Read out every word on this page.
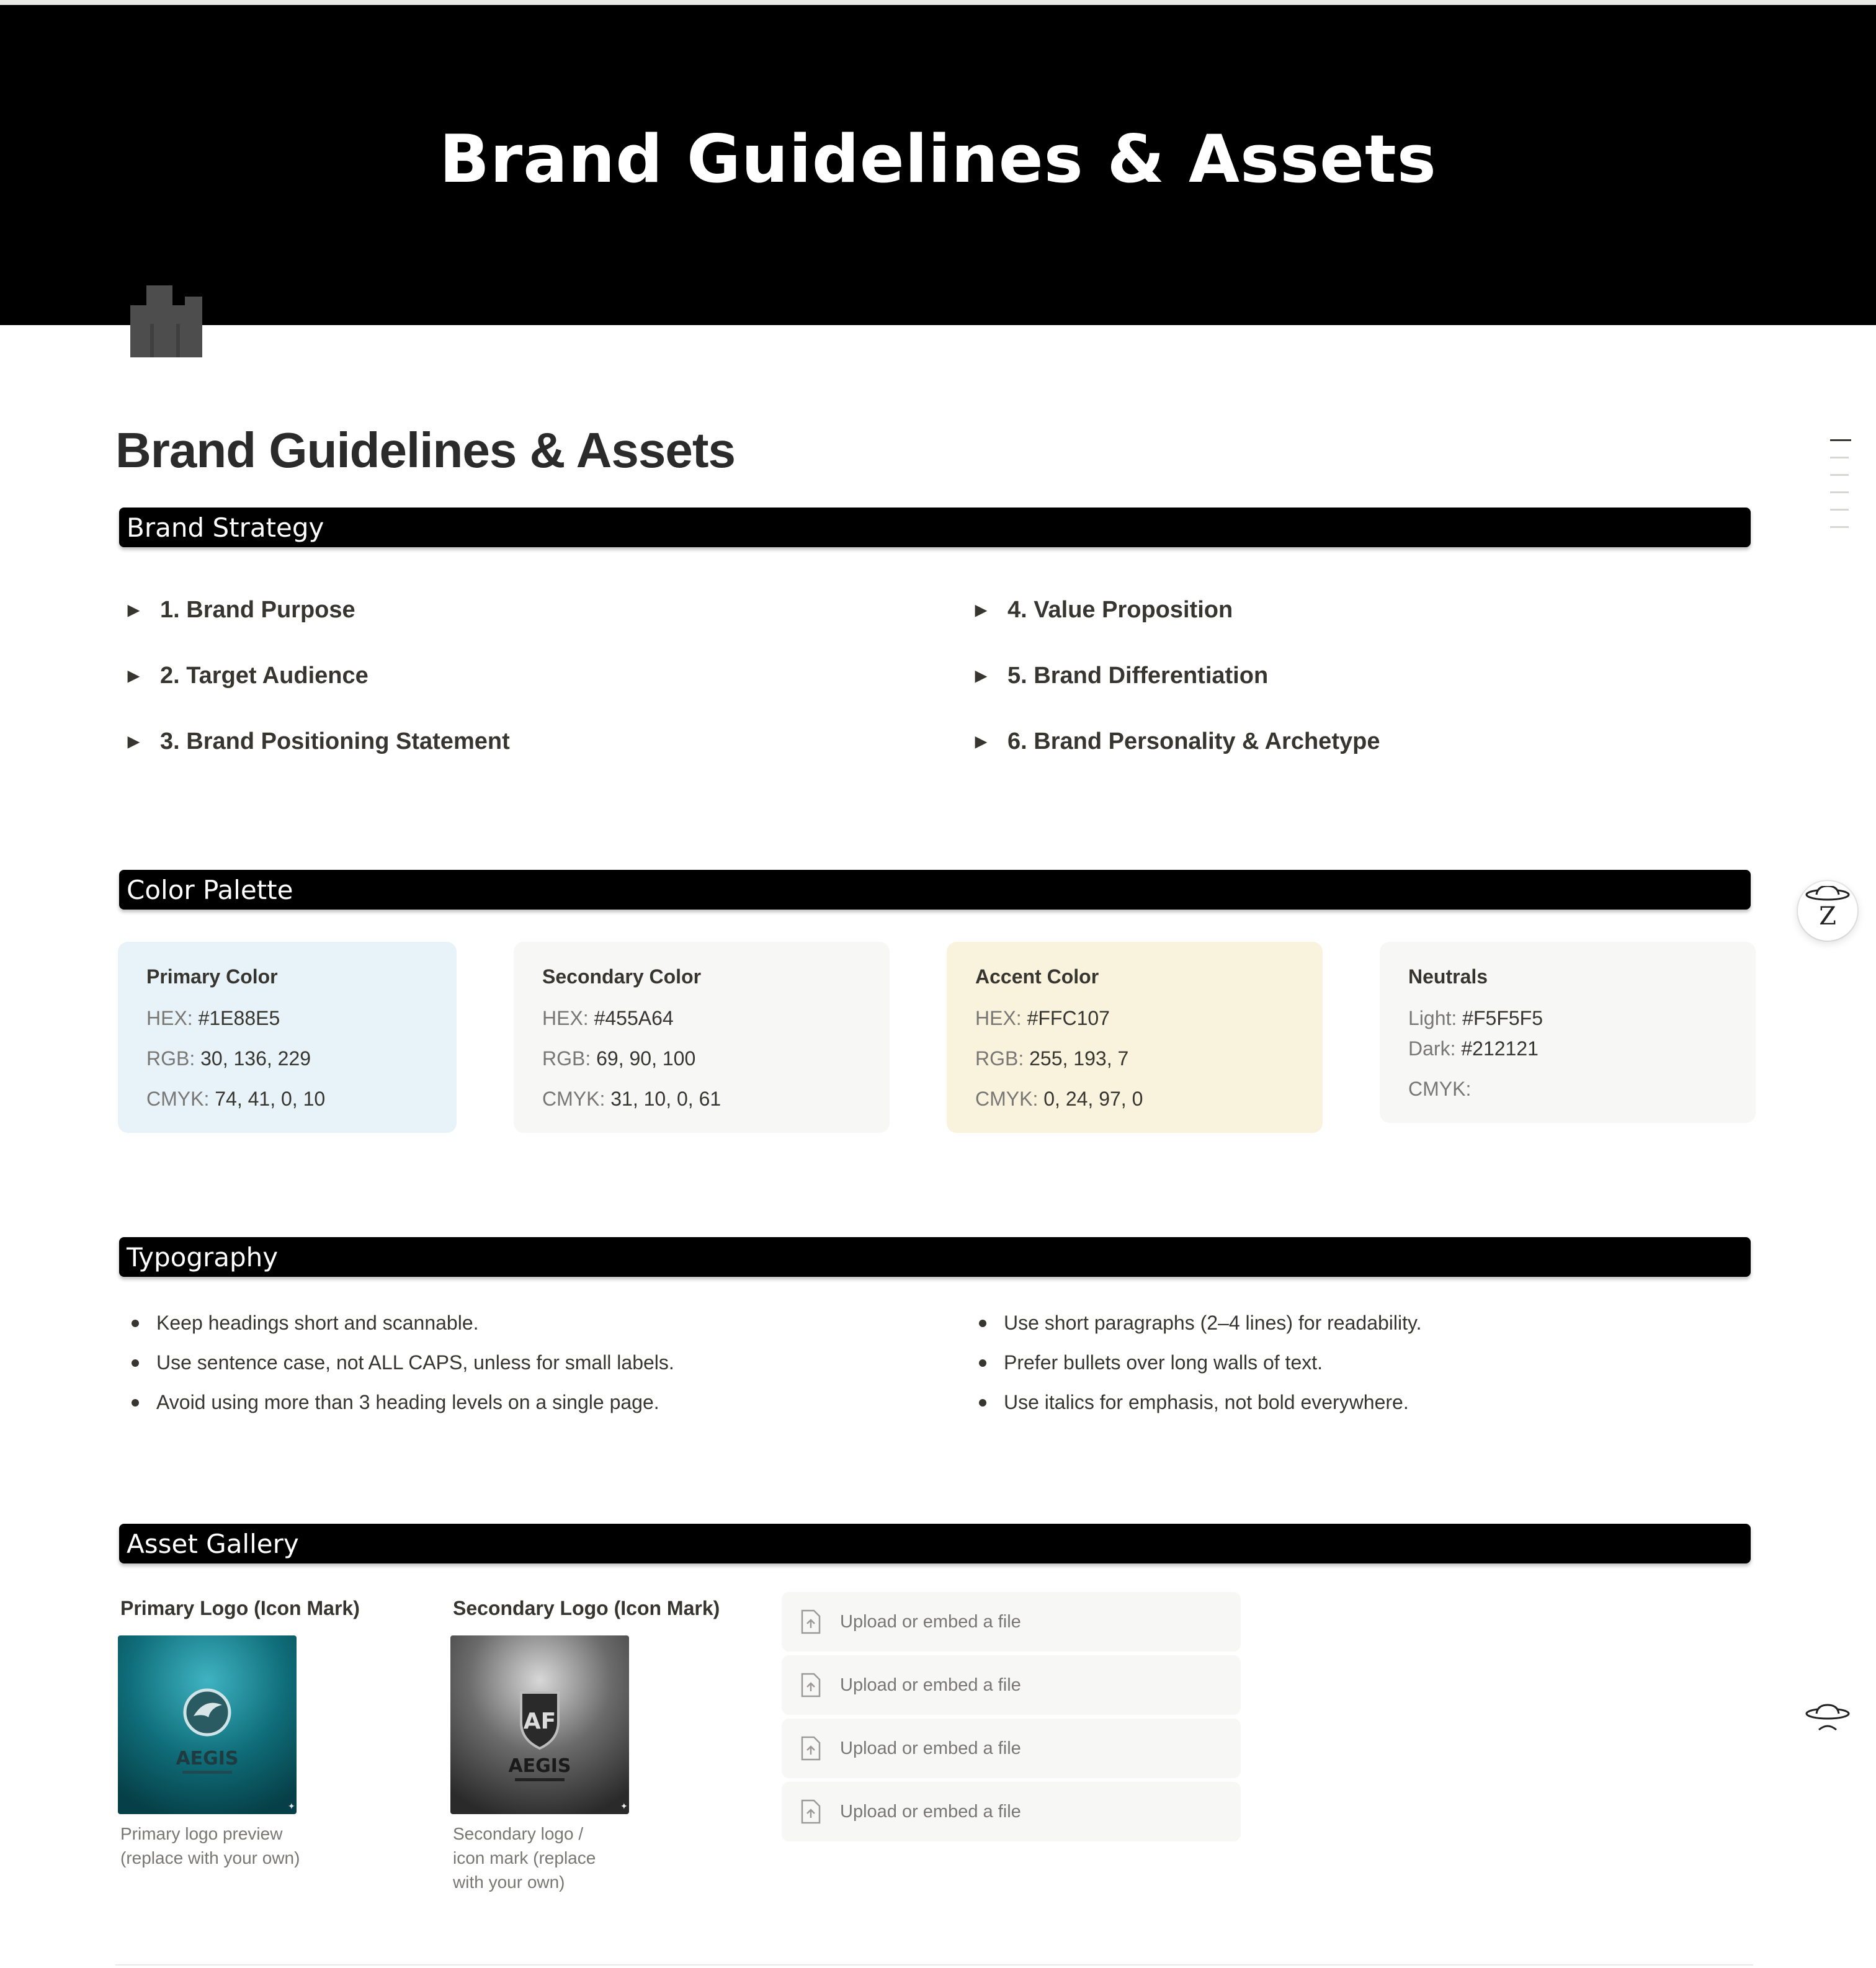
Brand Guidelines & Assets
Brand Guidelines & Assets
Z
Brand Strategy
▶ 1. Brand Purpose
▶ 2. Target Audience
▶ 3. Brand Positioning Statement
▶ 4. Value Proposition
▶ 5. Brand Differentiation
▶ 6. Brand Personality & Archetype
Color Palette
Primary Color
HEX: #1E88E5
RGB: 30, 136, 229
CMYK: 74, 41, 0, 10
Secondary Color
HEX: #455A64
RGB: 69, 90, 100
CMYK: 31, 10, 0, 61
Accent Color
HEX: #FFC107
RGB: 255, 193, 7
CMYK: 0, 24, 97, 0
Neutrals
Light: #F5F5F5
Dark: #212121
CMYK:
Typography
Keep headings short and scannable.
Use sentence case, not ALL CAPS, unless for small labels.
Avoid using more than 3 heading levels on a single page.
Use short paragraphs (2–4 lines) for readability.
Prefer bullets over long walls of text.
Use italics for emphasis, not bold everywhere.
Asset Gallery
Primary Logo (Icon Mark)
AEGIS
✦
Primary logo preview (replace with your own)
Secondary Logo (Icon Mark)
AF
AEGIS
✦
Secondary logo / icon mark (replace with your own)
Upload or embed a file
Upload or embed a file
Upload or embed a file
Upload or embed a file
